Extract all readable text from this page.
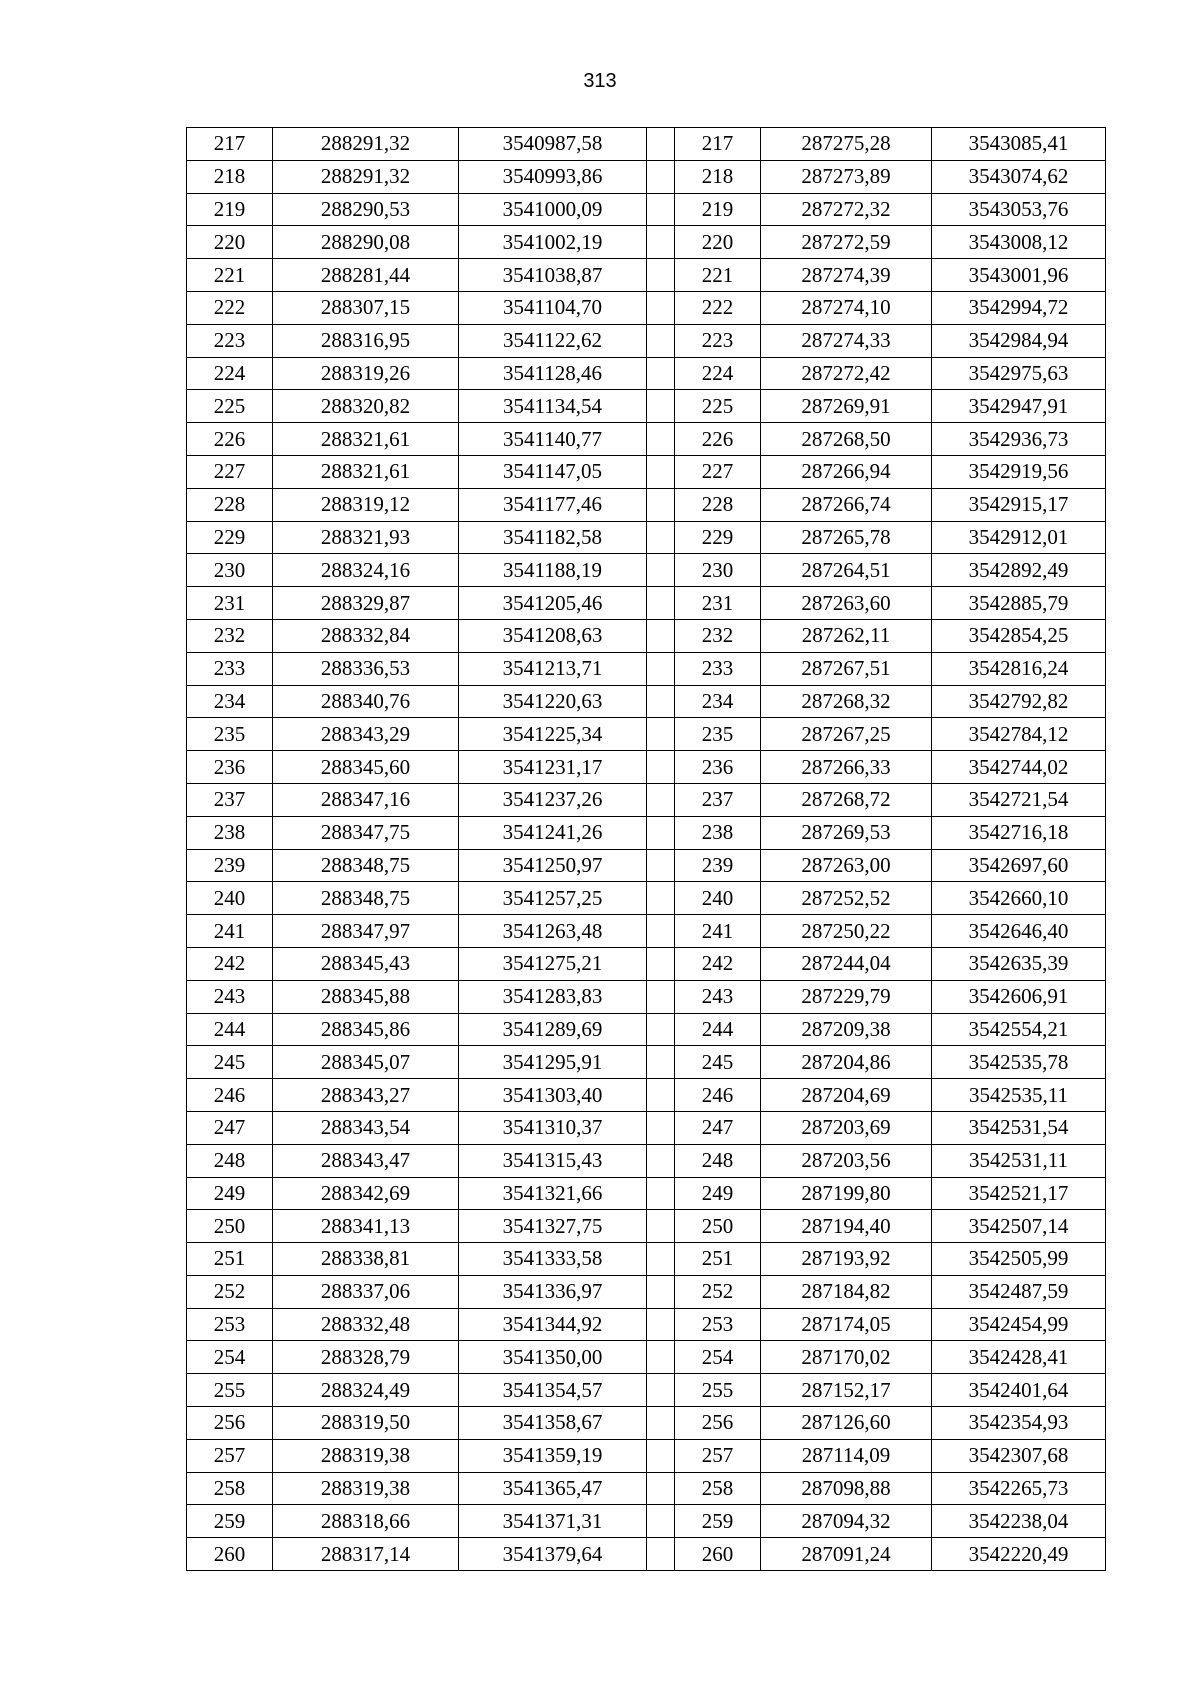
313
217	288291,32	3540987,58		217	287275,28	3543085,41
218	288291,32	3540993,86		218	287273,89	3543074,62
219	288290,53	3541000,09		219	287272,32	3543053,76
220	288290,08	3541002,19		220	287272,59	3543008,12
221	288281,44	3541038,87		221	287274,39	3543001,96
222	288307,15	3541104,70		222	287274,10	3542994,72
223	288316,95	3541122,62		223	287274,33	3542984,94
224	288319,26	3541128,46		224	287272,42	3542975,63
225	288320,82	3541134,54		225	287269,91	3542947,91
226	288321,61	3541140,77		226	287268,50	3542936,73
227	288321,61	3541147,05		227	287266,94	3542919,56
228	288319,12	3541177,46		228	287266,74	3542915,17
229	288321,93	3541182,58		229	287265,78	3542912,01
230	288324,16	3541188,19		230	287264,51	3542892,49
231	288329,87	3541205,46		231	287263,60	3542885,79
232	288332,84	3541208,63		232	287262,11	3542854,25
233	288336,53	3541213,71		233	287267,51	3542816,24
234	288340,76	3541220,63		234	287268,32	3542792,82
235	288343,29	3541225,34		235	287267,25	3542784,12
236	288345,60	3541231,17		236	287266,33	3542744,02
237	288347,16	3541237,26		237	287268,72	3542721,54
238	288347,75	3541241,26		238	287269,53	3542716,18
239	288348,75	3541250,97		239	287263,00	3542697,60
240	288348,75	3541257,25		240	287252,52	3542660,10
241	288347,97	3541263,48		241	287250,22	3542646,40
242	288345,43	3541275,21		242	287244,04	3542635,39
243	288345,88	3541283,83		243	287229,79	3542606,91
244	288345,86	3541289,69		244	287209,38	3542554,21
245	288345,07	3541295,91		245	287204,86	3542535,78
246	288343,27	3541303,40		246	287204,69	3542535,11
247	288343,54	3541310,37		247	287203,69	3542531,54
248	288343,47	3541315,43		248	287203,56	3542531,11
249	288342,69	3541321,66		249	287199,80	3542521,17
250	288341,13	3541327,75		250	287194,40	3542507,14
251	288338,81	3541333,58		251	287193,92	3542505,99
252	288337,06	3541336,97		252	287184,82	3542487,59
253	288332,48	3541344,92		253	287174,05	3542454,99
254	288328,79	3541350,00		254	287170,02	3542428,41
255	288324,49	3541354,57		255	287152,17	3542401,64
256	288319,50	3541358,67		256	287126,60	3542354,93
257	288319,38	3541359,19		257	287114,09	3542307,68
258	288319,38	3541365,47		258	287098,88	3542265,73
259	288318,66	3541371,31		259	287094,32	3542238,04
260	288317,14	3541379,64		260	287091,24	3542220,49
